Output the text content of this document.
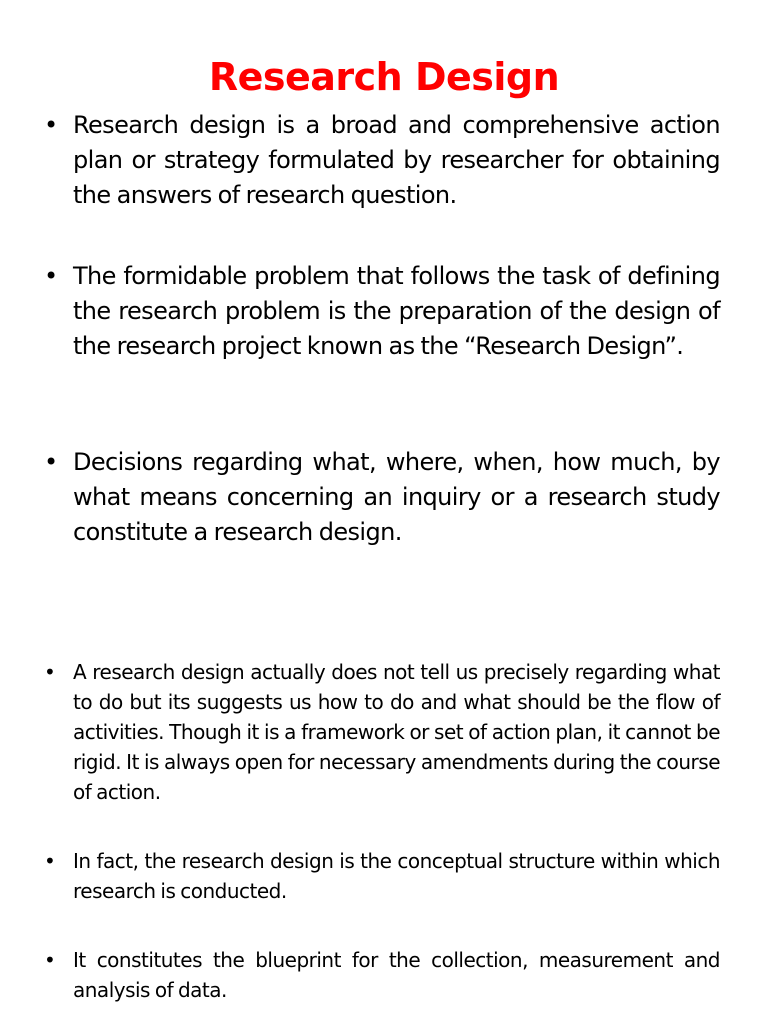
Research Design
• Research design is a broad and comprehensive action plan or strategy formulated by researcher for obtaining the answers of research question.
• The formidable problem that follows the task of defining the research problem is the preparation of the design of the research project known as the “Research Design”.
• Decisions regarding what, where, when, how much, by what means concerning an inquiry or a research study constitute a research design.
• A research design actually does not tell us precisely regarding what to do but its suggests us how to do and what should be the flow of activities. Though it is a framework or set of action plan, it cannot be rigid. It is always open for necessary amendments during the course of action.
• In fact, the research design is the conceptual structure within which research is conducted.
• It constitutes the blueprint for the collection, measurement and analysis of data.
